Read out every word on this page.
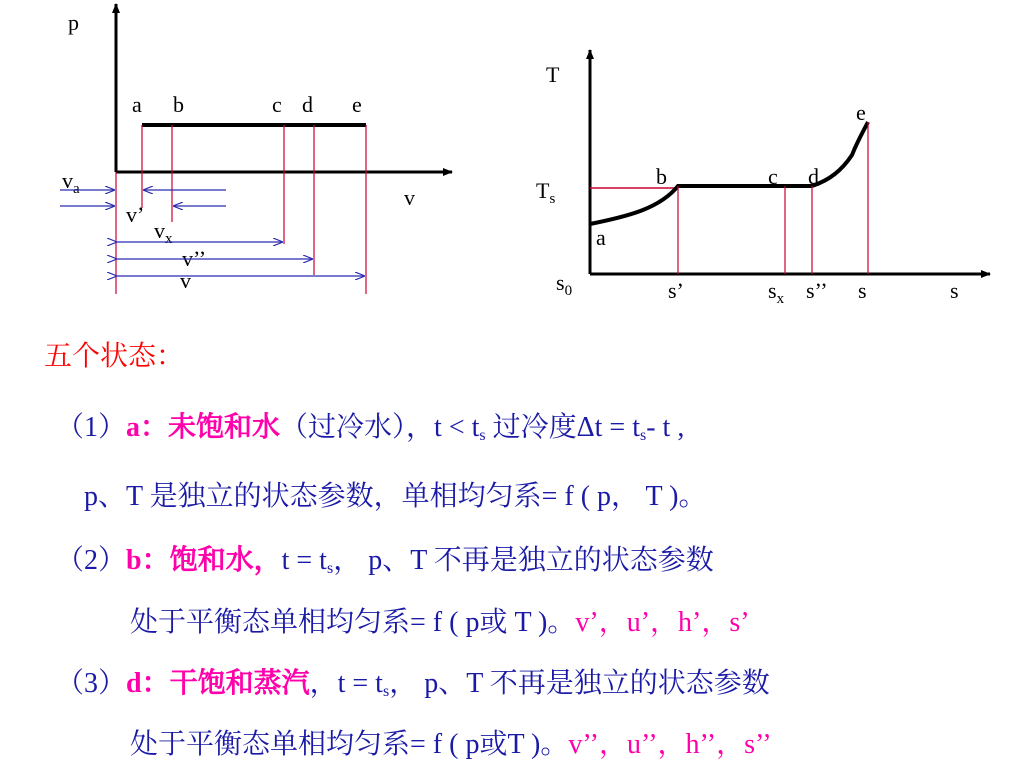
p
v
a b	c d e
$v_a$
v’
$v_x$
v’’
v
T
$T_s$
s
a
b	c d
e
$s_0$	s’	$s_x$ s’’ s
五个状态：
（1）a：未饱和水（过冷水），$t < t_s$ 过冷度$\Delta t = t_s-$ t ,
p、T 是独立的状态参数，单相均匀系= f ( p， T )。
（2）b：饱和水，$t = t_s$， p、T 不再是独立的状态参数
处于平衡态单相均匀系= f ( p或 T )。v’，u’，h’，s’
（3）d：干饱和蒸汽，$t = t_s$， p、T 不再是独立的状态参数
处于平衡态单相均匀系= f ( p或T )。v’’，u’’，h’’，s’’
